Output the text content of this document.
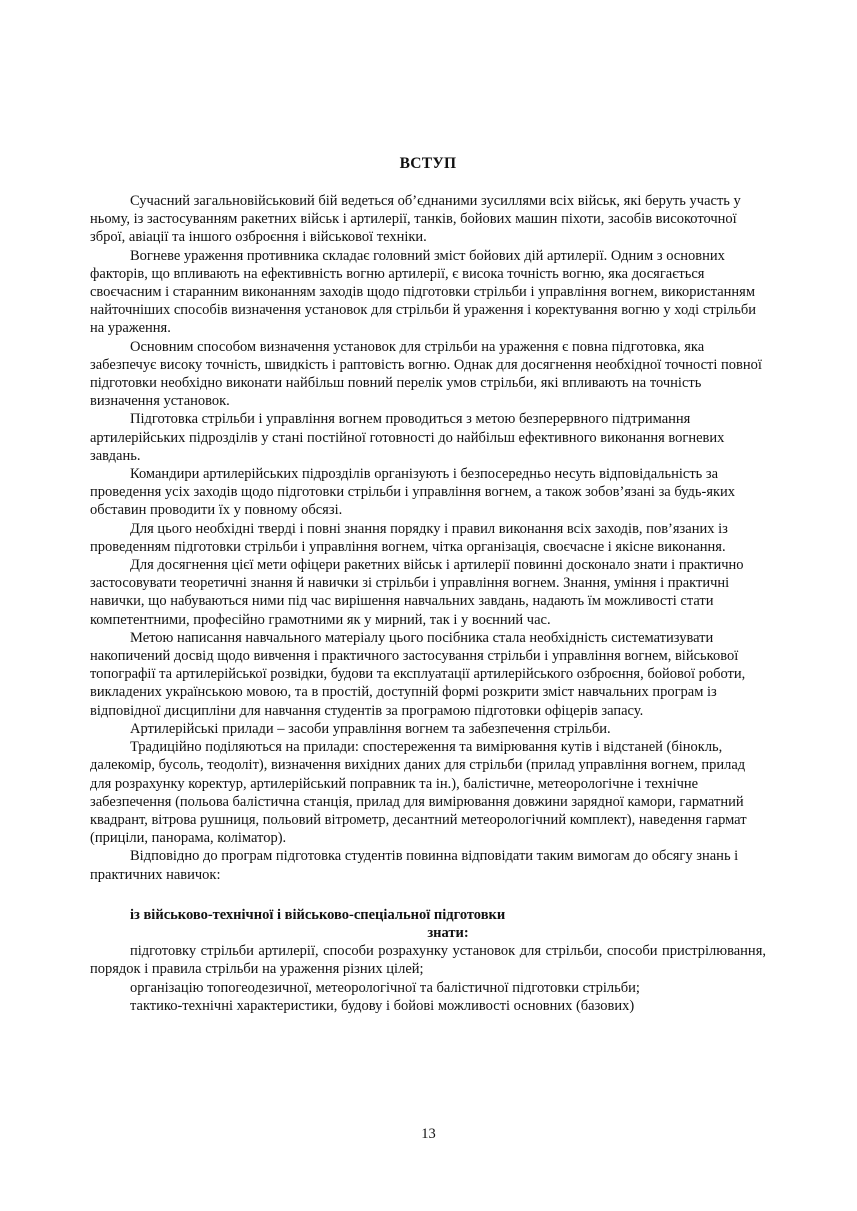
ВСТУП

Сучасний загальновійськовий бій ведеться об’єднаними зусиллями всіх військ, які беруть участь у ньому, із застосуванням ракетних військ і артилерії, танків, бойових машин піхоти, засобів високоточної зброї, авіації та іншого озброєння і військової техніки.

Вогневе ураження противника складає головний зміст бойових дій артилерії. Одним з основних факторів, що впливають на ефективність вогню артилерії, є висока точність вогню, яка досягається своєчасним і старанним виконанням заходів щодо підготовки стрільби і управління вогнем, використанням найточніших способів визначення установок для стрільби й ураження і коректування вогню у ході стрільби на ураження.

Основним способом визначення установок для стрільби на ураження є повна підготовка, яка забезпечує високу точність, швидкість і раптовість вогню. Однак для досягнення необхідної точності повної підготовки необхідно виконати найбільш повний перелік умов стрільби, які впливають на точність визначення установок.

Підготовка стрільби і управління вогнем проводиться з метою безперервного підтримання артилерійських підрозділів у стані постійної готовності до найбільш ефективного виконання вогневих завдань.

Командири артилерійських підрозділів організують і безпосередньо несуть відповідальність за проведення усіх заходів щодо підготовки стрільби і управління вогнем, а також зобов’язані за будь-яких обставин проводити їх у повному обсязі.

Для цього необхідні тверді і повні знання порядку і правил виконання всіх заходів, пов’язаних із проведенням підготовки стрільби і управління вогнем, чітка організація, своєчасне і якісне виконання.

Для досягнення цієї мети офіцери ракетних військ і артилерії повинні досконало знати і практично застосовувати теоретичні знання й навички зі стрільби і управління вогнем. Знання, уміння і практичні навички, що набуваються ними під час вирішення навчальних завдань, надають їм можливості стати компетентними, професійно грамотними як у мирний, так і у воєнний час.

Метою написання навчального матеріалу цього посібника стала необхідність систематизувати накопичений досвід щодо вивчення і практичного застосування стрільби і управління вогнем, військової топографії та артилерійської розвідки, будови та експлуатації артилерійського озброєння, бойової роботи, викладених українською мовою, та в простій, доступній формі розкрити зміст навчальних програм із відповідної дисципліни для навчання студентів за програмою підготовки офіцерів запасу.

Артилерійські прилади – засоби управління вогнем та забезпечення стрільби.

Традиційно поділяються на прилади: спостереження та вимірювання кутів і відстаней (бінокль, далекомір, бусоль, теодоліт), визначення вихідних даних для стрільби (прилад управління вогнем, прилад для розрахунку коректур, артилерійський поправник та ін.), балістичне, метеорологічне і технічне забезпечення (польова балістична станція, прилад для вимірювання довжини зарядної камори, гарматний квадрант, вітрова рушниця, польовий вітрометр, десантний метеорологічний комплект), наведення гармат (приціли, панорама, коліматор).

Відповідно до програм підготовка студентів повинна відповідати таким вимогам до обсягу знань і практичних навичок:

із військово-технічної і військово-спеціальної підготовки
знати:

підготовку стрільби артилерії, способи розрахунку установок для стрільби, способи пристрілювання, порядок і правила стрільби на ураження різних цілей;

організацію топогеодезичної, метеорологічної та балістичної підготовки стрільби;

тактико-технічні характеристики, будову і бойові можливості основних (базових)

13
